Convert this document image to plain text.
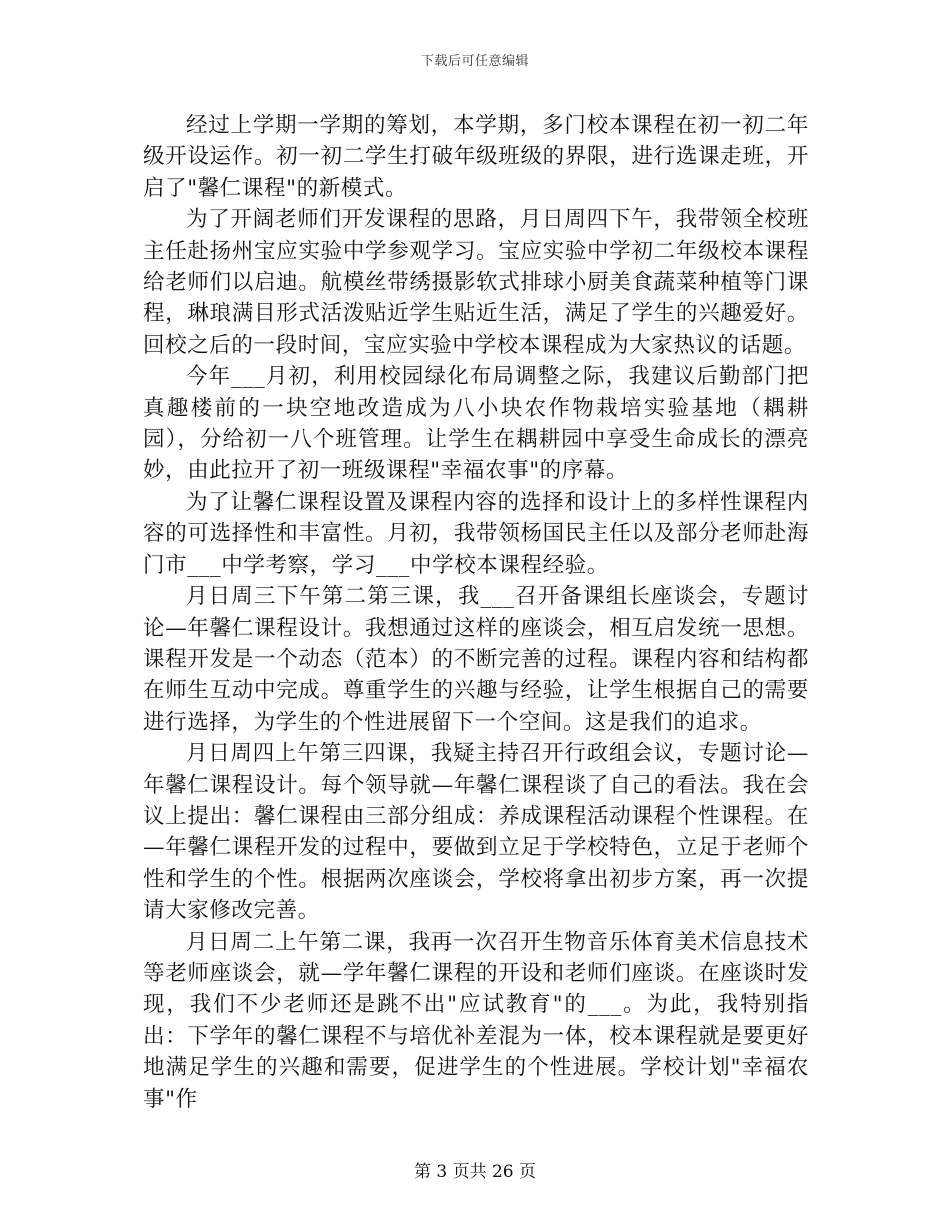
下载后可任意编辑

经过上学期一学期的筹划，本学期，多门校本课程在初一初二年级开设运作。初一初二学生打破年级班级的界限，进行选课走班，开启了"馨仁课程"的新模式。

为了开阔老师们开发课程的思路，月日周四下午，我带领全校班主任赴扬州宝应实验中学参观学习。宝应实验中学初二年级校本课程给老师们以启迪。航模丝带绣摄影软式排球小厨美食蔬菜种植等门课程，琳琅满目形式活泼贴近学生贴近生活，满足了学生的兴趣爱好。回校之后的一段时间，宝应实验中学校本课程成为大家热议的话题。

今年___月初，利用校园绿化布局调整之际，我建议后勤部门把真趣楼前的一块空地改造成为八小块农作物栽培实验基地（耦耕园），分给初一八个班管理。让学生在耦耕园中享受生命成长的漂亮妙，由此拉开了初一班级课程"幸福农事"的序幕。

为了让馨仁课程设置及课程内容的选择和设计上的多样性课程内容的可选择性和丰富性。月初，我带领杨国民主任以及部分老师赴海门市___中学考察，学习___中学校本课程经验。

月日周三下午第二第三课，我___召开备课组长座谈会，专题讨论—年馨仁课程设计。我想通过这样的座谈会，相互启发统一思想。课程开发是一个动态（范本）的不断完善的过程。课程内容和结构都在师生互动中完成。尊重学生的兴趣与经验，让学生根据自己的需要进行选择，为学生的个性进展留下一个空间。这是我们的追求。

月日周四上午第三四课，我疑主持召开行政组会议，专题讨论—年馨仁课程设计。每个领导就—年馨仁课程谈了自己的看法。我在会议上提出：馨仁课程由三部分组成：养成课程活动课程个性课程。在—年馨仁课程开发的过程中，要做到立足于学校特色，立足于老师个性和学生的个性。根据两次座谈会，学校将拿出初步方案，再一次提请大家修改完善。

月日周二上午第二课，我再一次召开生物音乐体育美术信息技术等老师座谈会，就—学年馨仁课程的开设和老师们座谈。在座谈时发现，我们不少老师还是跳不出"应试教育"的___。为此，我特别指出：下学年的馨仁课程不与培优补差混为一体，校本课程就是要更好地满足学生的兴趣和需要，促进学生的个性进展。学校计划"幸福农事"作

第 3 页共 26 页
